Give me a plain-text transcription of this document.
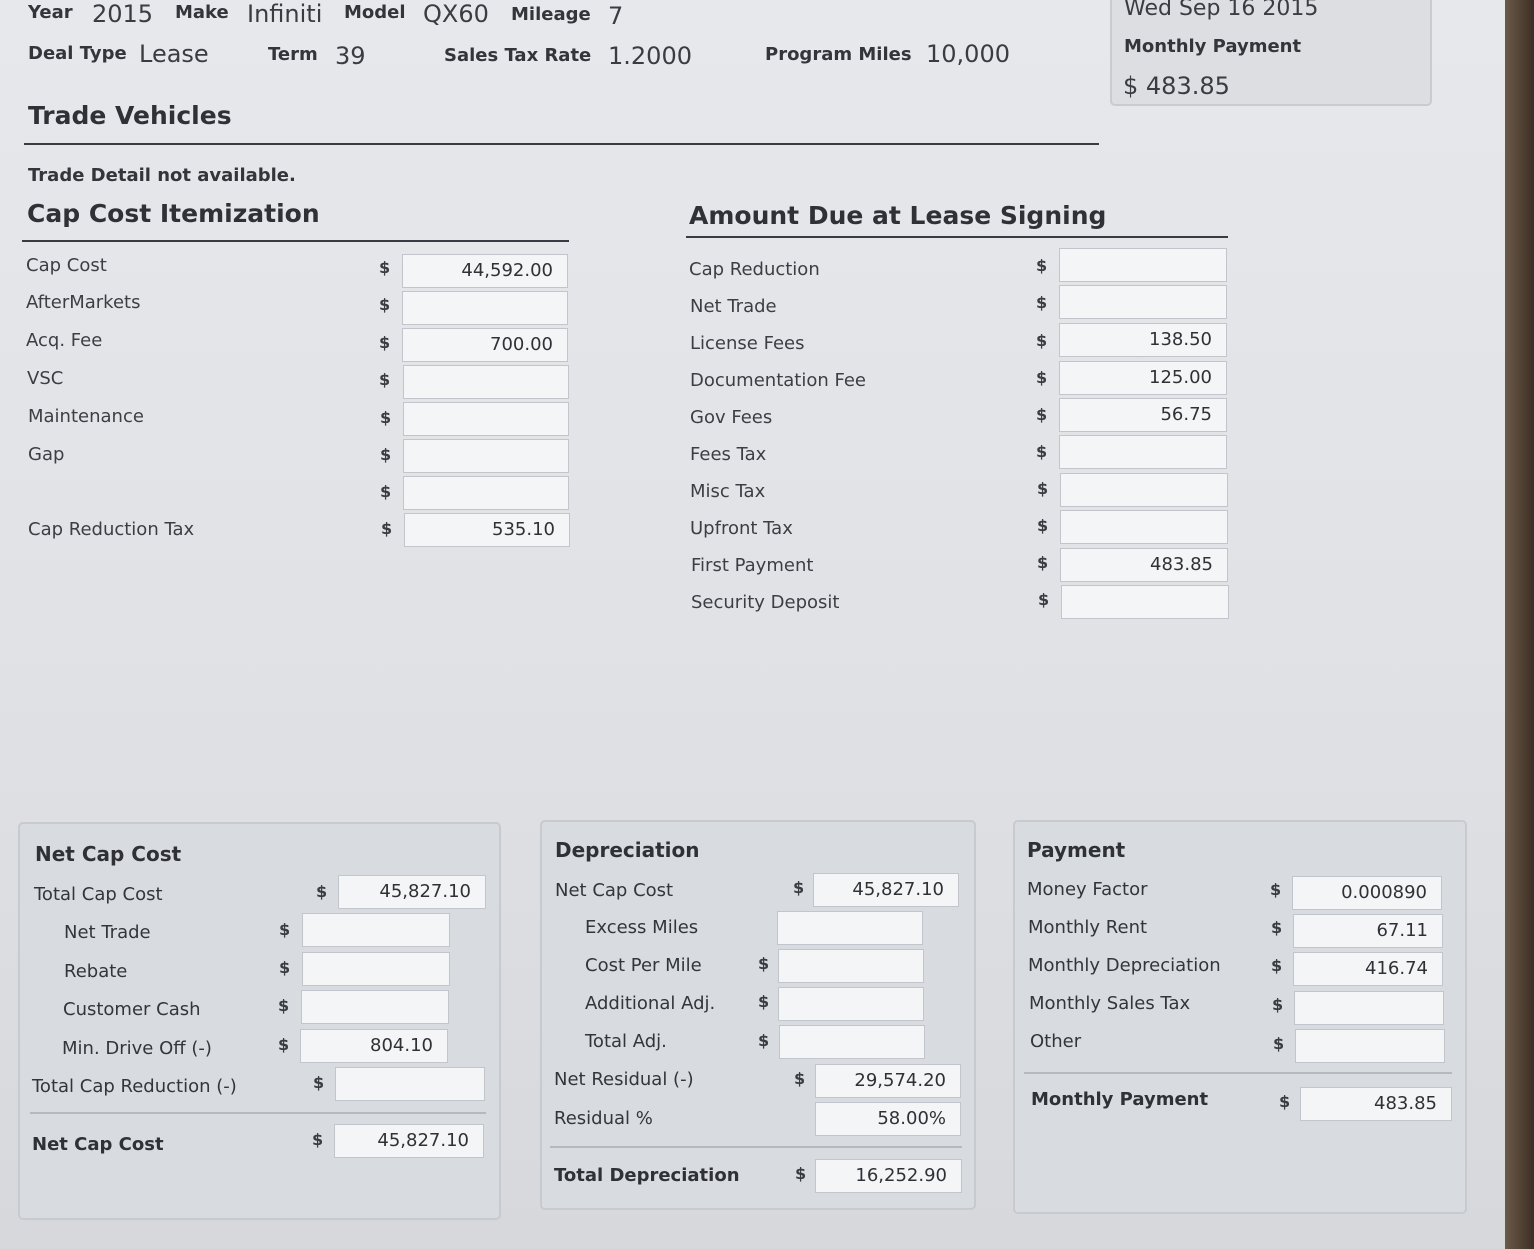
Year 2015 Make Infiniti Model QX60 Mileage 7
Deal Type Lease	Term 39	Sales Tax Rate 1.2000	Program Miles 10,000
Wed Sep 16 2015
Monthly Payment
$ 483.85
Trade Vehicles
Trade Detail not available.
Cap Cost Itemization
Cap Cost	$	44,592.00
AfterMarkets	$
Acq. Fee	$	700.00
VSC	$
Maintenance	$
Gap	$
$
Cap Reduction Tax	$	535.10
Amount Due at Lease Signing
Cap Reduction	$
Net Trade	$
License Fees	$	138.50
Documentation Fee	$	125.00
Gov Fees	$	56.75
Fees Tax	$
Misc Tax	$
Upfront Tax	$
First Payment	$	483.85
Security Deposit	$
Net Cap Cost
Total Cap Cost	$	45,827.10
Net Trade	$
Rebate	$
Customer Cash	$
Min. Drive Off (-)	$	804.10
Total Cap Reduction (-)	$
Net Cap Cost	$	45,827.10
Depreciation
Net Cap Cost	$	45,827.10
Excess Miles
Cost Per Mile	$
Additional Adj.	$
Total Adj.	$
Net Residual (-)	$	29,574.20
Residual %	58.00%
Total Depreciation	$	16,252.90
Payment
Money Factor	$	0.000890
Monthly Rent	$	67.11
Monthly Depreciation	$	416.74
Monthly Sales Tax	$
Other	$
Monthly Payment	$	483.85
